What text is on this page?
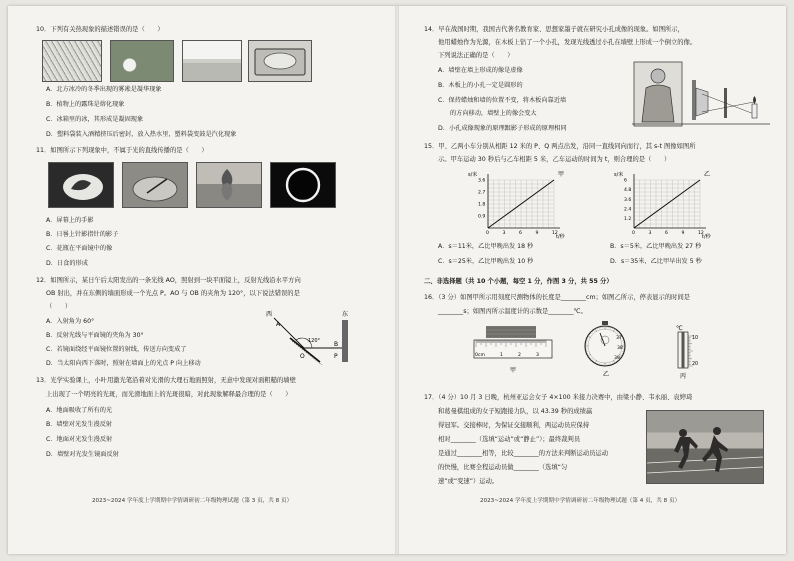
10．下列有关热现象的描述错误的是（　　）
A．北方冰冷的冬季出现的雾凇是凝华现象
B．植物上的露珠是熔化现象
C．冰箱里的冰，其形成是凝固现象
D．塑料袋装入酒精挤压后密封，放入热水里，塑料袋变鼓是汽化现象
11．如图所示下列现象中，不属于光的直线传播的是（　　）
A．屏幕上的手影
B．日晷上针影指针的影子
C．花瓶在平面镜中的像
D．日食的形成
12．如图所示，某日午后太阳发出的一条光线 AO，照射到一块平面镜上，反射光线沿水平方向
OB 射出，并在东侧的墙面形成一个光点 P。AO 与 OB 的夹角为 120°，以下说法错误的是
（　　）
A．入射角为 60°
B．反射光线与平面镜的夹角为 30°
C．若镜面绕经平面镜位置的射线，传送方向变成了
D．当太阳向西下落时，照射在墙面上的光点 P 向上移动
西
A
120°
O
B
P
东
13．光学实验课上，小叶用激光笔沿着对光滑的大理石地面照射，无意中发现对面粗糙的墙壁
上出现了一个明亮的光斑，而光滑地面上的光斑很暗，对此现象解释最合理的是（　　）
A．地面吸收了所有的光
B．墙壁对光发生漫反射
C．地面对光发生漫反射
D．墙壁对光发生镜面反射
2023~2024 学年度上学期期中学情调研初二年级物理试题（第 3 页，共 8 页）
14．早在战国时期，我国古代著名教育家、思想家墨子就在研究小孔成像的现象。如图所示，
他用蜡烛作为光源，在木板上钻了一个小孔，发现光线透过小孔在墙壁上形成一个倒立的像。
下列说法正确的是（　　）
A．墙壁在墙上形成的像是虚像
B．木板上的小孔一定是圆形的
C．保持蜡烛和墙的位置不变，将木板向靠近墙
的方向移动，墙壁上的像会变大
D．小孔成像现象的原理跟影子形成的原理相同
15．甲、乙两小车分别从相距 12 米的 P、Q 两点出发，沿同一直线同向而行，其 s-t 图像如图所
示。甲车运动 30 秒后与乙车相距 5 米，乙车运动的时间为 t，则合理的是（　　）
0	3	6	9	12
0.9
1.8
2.7
3.6
s/米
t/秒
甲
0	3	6	9	12
1.2
2.4
3.6
4.8
6
s/米
t/秒
乙
A．s＝11米，乙比甲晚出发 18 秒	B．s＝5米，乙比甲晚出发 27 秒
C．s＝25米，乙比甲晚出发 10 秒	D．s＝35米，乙比甲早出发 5 秒
二、非选择题（共 10 个小题，每空 1 分，作图 3 分，共 55 分）
16．（3 分）如图甲所示用刻度尺测物体的长度是________cm；如图乙所示，停表显示的时间是
________s；如图丙所示温度计的示数是________℃。
0cm	1	2	3
甲
37
38
39
乙
℃
10
20
丙
17．（4 分）10 月 3 日晚，杭州亚运会女子 4×100 米接力决赛中，由梁小静、韦永丽、袁婷琦
和葛曼棋组成的女子短跑接力队，以 43.39 秒的成绩赢
得冠军。交接棒时，为保证交接顺利，两运动员应保持
相对________（选填“运动”或“静止”）；最终裁判员
是通过________相等，比较________的方法来判断运动员运动
的快慢，比赛全程运动员做________（选填“匀
速”或“变速”）运动。
2023~2024 学年度上学期期中学情调研初二年级物理试题（第 4 页，共 8 页）
